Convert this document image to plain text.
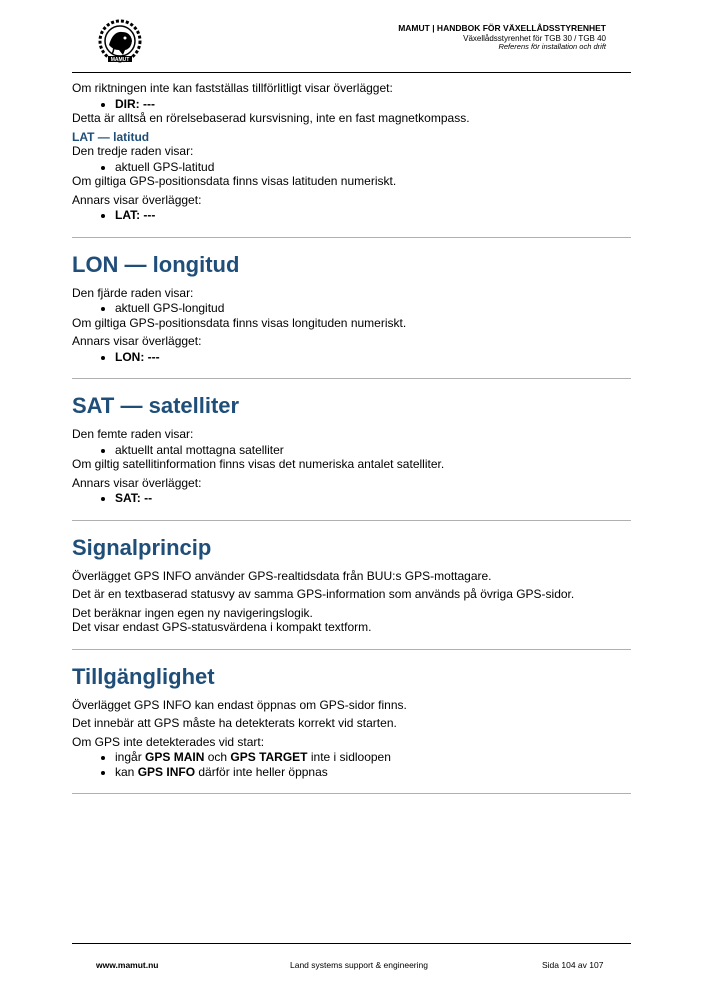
MAMUT
MAMUT | HANDBOK FÖR VÄXELLÅDSSTYRENHET
Växellådsstyrenhet för TGB 30 / TGB 40
Referens för installation och drift

Om riktningen inte kan fastställas tillförlitligt visar överlägget:

• DIR: ---

Detta är alltså en rörelsebaserad kursvisning, inte en fast magnetkompass.

LAT — latitud

Den tredje raden visar:

• aktuell GPS-latitud

Om giltiga GPS-positionsdata finns visas latituden numeriskt.

Annars visar överlägget:

• LAT: ---
LON — longitud

Den fjärde raden visar:

• aktuell GPS-longitud

Om giltiga GPS-positionsdata finns visas longituden numeriskt.

Annars visar överlägget:

• LON: ---
SAT — satelliter

Den femte raden visar:

• aktuellt antal mottagna satelliter

Om giltig satellitinformation finns visas det numeriska antalet satelliter.

Annars visar överlägget:

• SAT: --
Signalprincip

Överlägget GPS INFO använder GPS-realtidsdata från BUU:s GPS-mottagare.

Det är en textbaserad statusvy av samma GPS-information som används på övriga GPS-sidor.

Det beräknar ingen egen ny navigeringslogik.

Det visar endast GPS-statusvärdena i kompakt textform.

Tillgänglighet

Överlägget GPS INFO kan endast öppnas om GPS-sidor finns.

Det innebär att GPS måste ha detekterats korrekt vid starten.

Om GPS inte detekterades vid start:

• ingår GPS MAIN och GPS TARGET inte i sidloopen
• kan GPS INFO därför inte heller öppnas
www.mamut.nu	Land systems support & engineering	Sida 104 av 107
